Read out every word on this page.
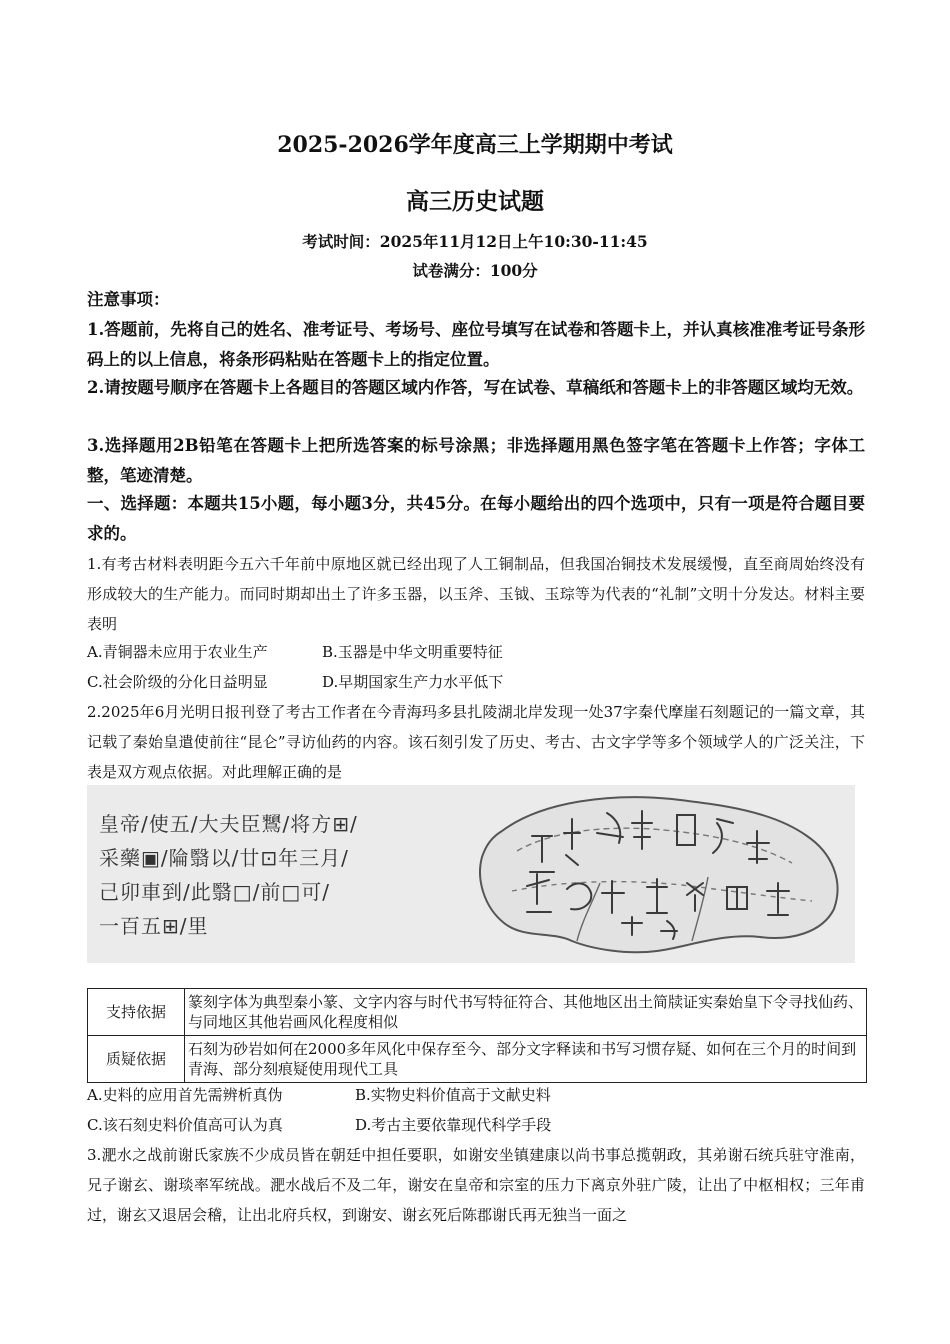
2025-2026学年度高三上学期期中考试
高三历史试题
考试时间：2025年11月12日上午10:30-11:45
试卷满分：100分
注意事项：
1.答题前，先将自己的姓名、准考证号、考场号、座位号填写在试卷和答题卡上，并认真核准准考证号条形码上的以上信息，将条形码粘贴在答题卡上的指定位置。
2.请按题号顺序在答题卡上各题目的答题区域内作答，写在试卷、草稿纸和答题卡上的非答题区域均无效。
3.选择题用2B铅笔在答题卡上把所选答案的标号涂黑；非选择题用黑色签字笔在答题卡上作答；字体工整，笔迹清楚。
一、选择题：本题共15小题，每小题3分，共45分。在每小题给出的四个选项中，只有一项是符合题目要求的。
1.有考古材料表明距今五六千年前中原地区就已经出现了人工铜制品，但我国冶铜技术发展缓慢，直至商周始终没有形成较大的生产能力。而同时期却出土了许多玉器，以玉斧、玉钺、玉琮等为代表的“礼制”文明十分发达。材料主要表明
A.青铜器未应用于农业生产	B.玉器是中华文明重要特征
C.社会阶级的分化日益明显	D.早期国家生产力水平低下
2.2025年6月光明日报刊登了考古工作者在今青海玛多县扎陵湖北岸发现一处37字秦代摩崖石刻题记的一篇文章，其记载了秦始皇遣使前往“昆仑”寻访仙药的内容。该石刻引发了历史、考古、古文字学等多个领域学人的广泛关注，下表是双方观点依据。对此理解正确的是
皇帝/使五/大夫臣𪈐/将方⊞/
采藥▣/陯翳以/廿⊡年三月/
己卯車到/此翳□/前□可/
一百五⊞/里
支持依据	篆刻字体为典型秦小篆、文字内容与时代书写特征符合、其他地区出土简牍证实秦始皇下令寻找仙药、与同地区其他岩画风化程度相似
质疑依据	石刻为砂岩如何在2000多年风化中保存至今、部分文字释读和书写习惯存疑、如何在三个月的时间到青海、部分刻痕疑使用现代工具
A.史料的应用首先需辨析真伪	B.实物史料价值高于文献史料
C.该石刻史料价值高可认为真	D.考古主要依靠现代科学手段
3.淝水之战前谢氏家族不少成员皆在朝廷中担任要职，如谢安坐镇建康以尚书事总揽朝政，其弟谢石统兵驻守淮南，兄子谢玄、谢琰率军统战。淝水战后不及二年，谢安在皇帝和宗室的压力下离京外驻广陵，让出了中枢相权；三年甫过，谢玄又退居会稽，让出北府兵权，到谢安、谢玄死后陈郡谢氏再无独当一面之
